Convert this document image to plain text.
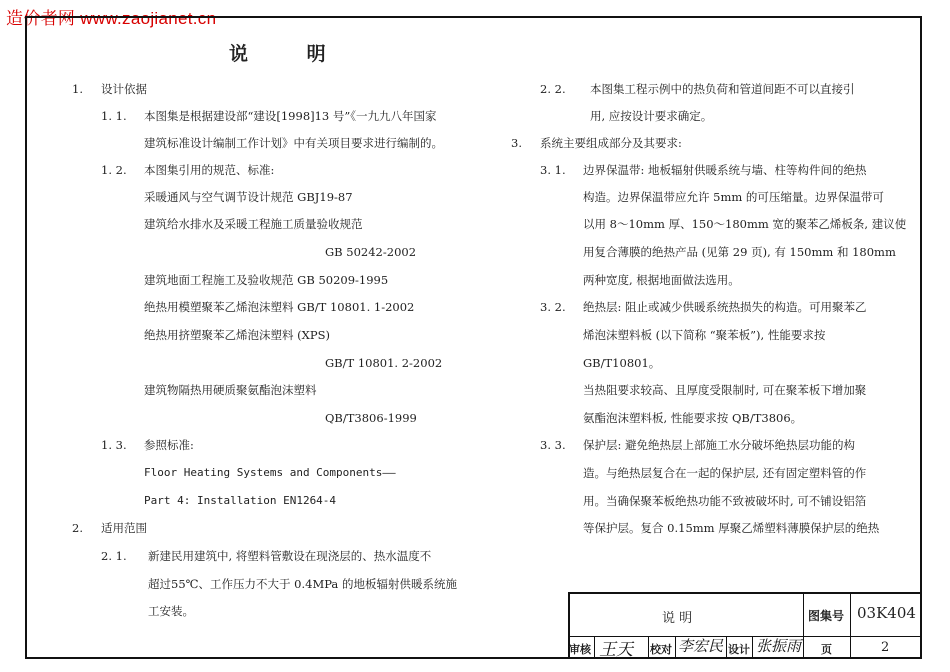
造价者网 www.zaojianet.cn
说 明
1. 设计依据
1. 1. 本图集是根据建设部“建设[1998]13 号”《一九九八年国家
建筑标准设计编制工作计划》中有关项目要求进行编制的。
1. 2. 本图集引用的规范、标准:
采暖通风与空气调节设计规范 GBJ19-87
建筑给水排水及采暖工程施工质量验收规范
GB 50242-2002
建筑地面工程施工及验收规范 GB 50209-1995
绝热用模塑聚苯乙烯泡沫塑料 GB/T 10801. 1-2002
绝热用挤塑聚苯乙烯泡沫塑料 (XPS)
GB/T 10801. 2-2002
建筑物隔热用硬质聚氨酯泡沫塑料
QB/T3806-1999
1. 3. 参照标准:
Floor Heating Systems and Components——
Part 4: Installation EN1264-4
2. 适用范围
2. 1. 新建民用建筑中, 将塑料管敷设在现浇层的、热水温度不
超过55℃、工作压力不大于 0.4MPa 的地板辐射供暖系统施
工安装。
2. 2. 本图集工程示例中的热负荷和管道间距不可以直接引
用, 应按设计要求确定。
3. 系统主要组成部分及其要求:
3. 1. 边界保温带: 地板辐射供暖系统与墙、柱等构件间的绝热
构造。边界保温带应允许 5mm 的可压缩量。边界保温带可
以用 8～10mm 厚、150～180mm 宽的聚苯乙烯板条, 建议使
用复合薄膜的绝热产品 (见第 29 页), 有 150mm 和 180mm
两种宽度, 根据地面做法选用。
3. 2. 绝热层: 阻止或减少供暖系统热损失的构造。可用聚苯乙
烯泡沫塑料板 (以下简称 “聚苯板”), 性能要求按
GB/T10801。
当热阻要求较高、且厚度受限制时, 可在聚苯板下增加聚
氨酯泡沫塑料板, 性能要求按 QB/T3806。
3. 3. 保护层: 避免绝热层上部施工水分破坏绝热层功能的构
造。与绝热层复合在一起的保护层, 还有固定塑料管的作
用。当确保聚苯板绝热功能不致被破坏时, 可不铺设铝箔
等保护层。复合 0.15mm 厚聚乙烯塑料薄膜保护层的绝热
说 明	图集号 03K404
审核 王天 校对 李宏民 设计 张振雨 页	2
